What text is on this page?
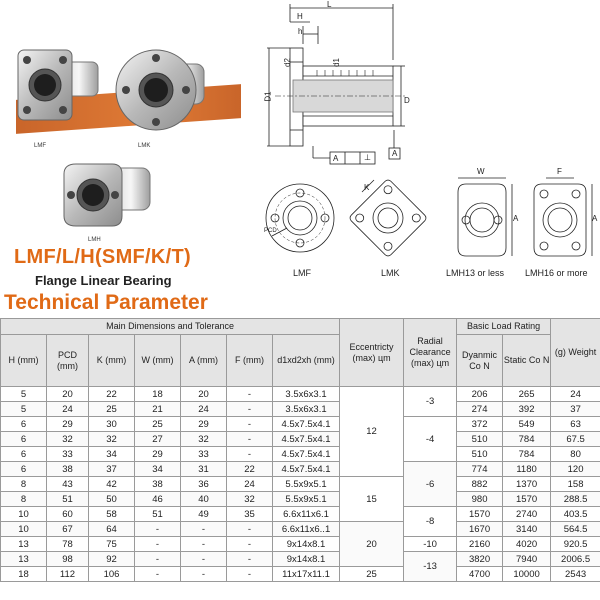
LMF	LMK
LMH
LMF/L/H(SMF/K/T)
Flange Linear Bearing
Technical Parameter
L
H
h
d2	d1
D1	D
A	⊥	A
PCD
K
W
A
F
A
LMF	LMK	LMH13 or less LMH16 or more
Main Dimensions and Tolerance							Eccentricty (max) цm	Radial Clearance (max) цm	Basic Load Rating		(g) Weight
H (mm)	PCD (mm)	K (mm)	W (mm)	A (mm)	F (mm)	d1xd2xh (mm)			Dyanmic Co N	Static Co N	
5	20	22	18	20	-	3.5x6x3.1	12	-3	206	265	24
5	24	25	21	24	-	3.5x6x3.1			274	392	37
6	29	30	25	29	-	4.5x7.5x4.1		-4	372	549	63
6	32	32	27	32	-	4.5x7.5x4.1			510	784	67.5
6	33	34	29	33	-	4.5x7.5x4.1			510	784	80
6	38	37	34	31	22	4.5x7.5x4.1		-6	774	1180	120
8	43	42	38	36	24	5.5x9x5.1	15		882	1370	158
8	51	50	46	40	32	5.5x9x5.1			980	1570	288.5
10	60	58	51	49	35	6.6x11x6.1		-8	1570	2740	403.5
10	67	64	-	-	-	6.6x11x6..1	20		1670	3140	564.5
13	78	75	-	-	-	9x14x8.1		-10	2160	4020	920.5
13	98	92	-	-	-	9x14x8.1		-13	3820	7940	2006.5
18	112	106	-	-	-	11x17x11.1	25		4700	10000	2543
